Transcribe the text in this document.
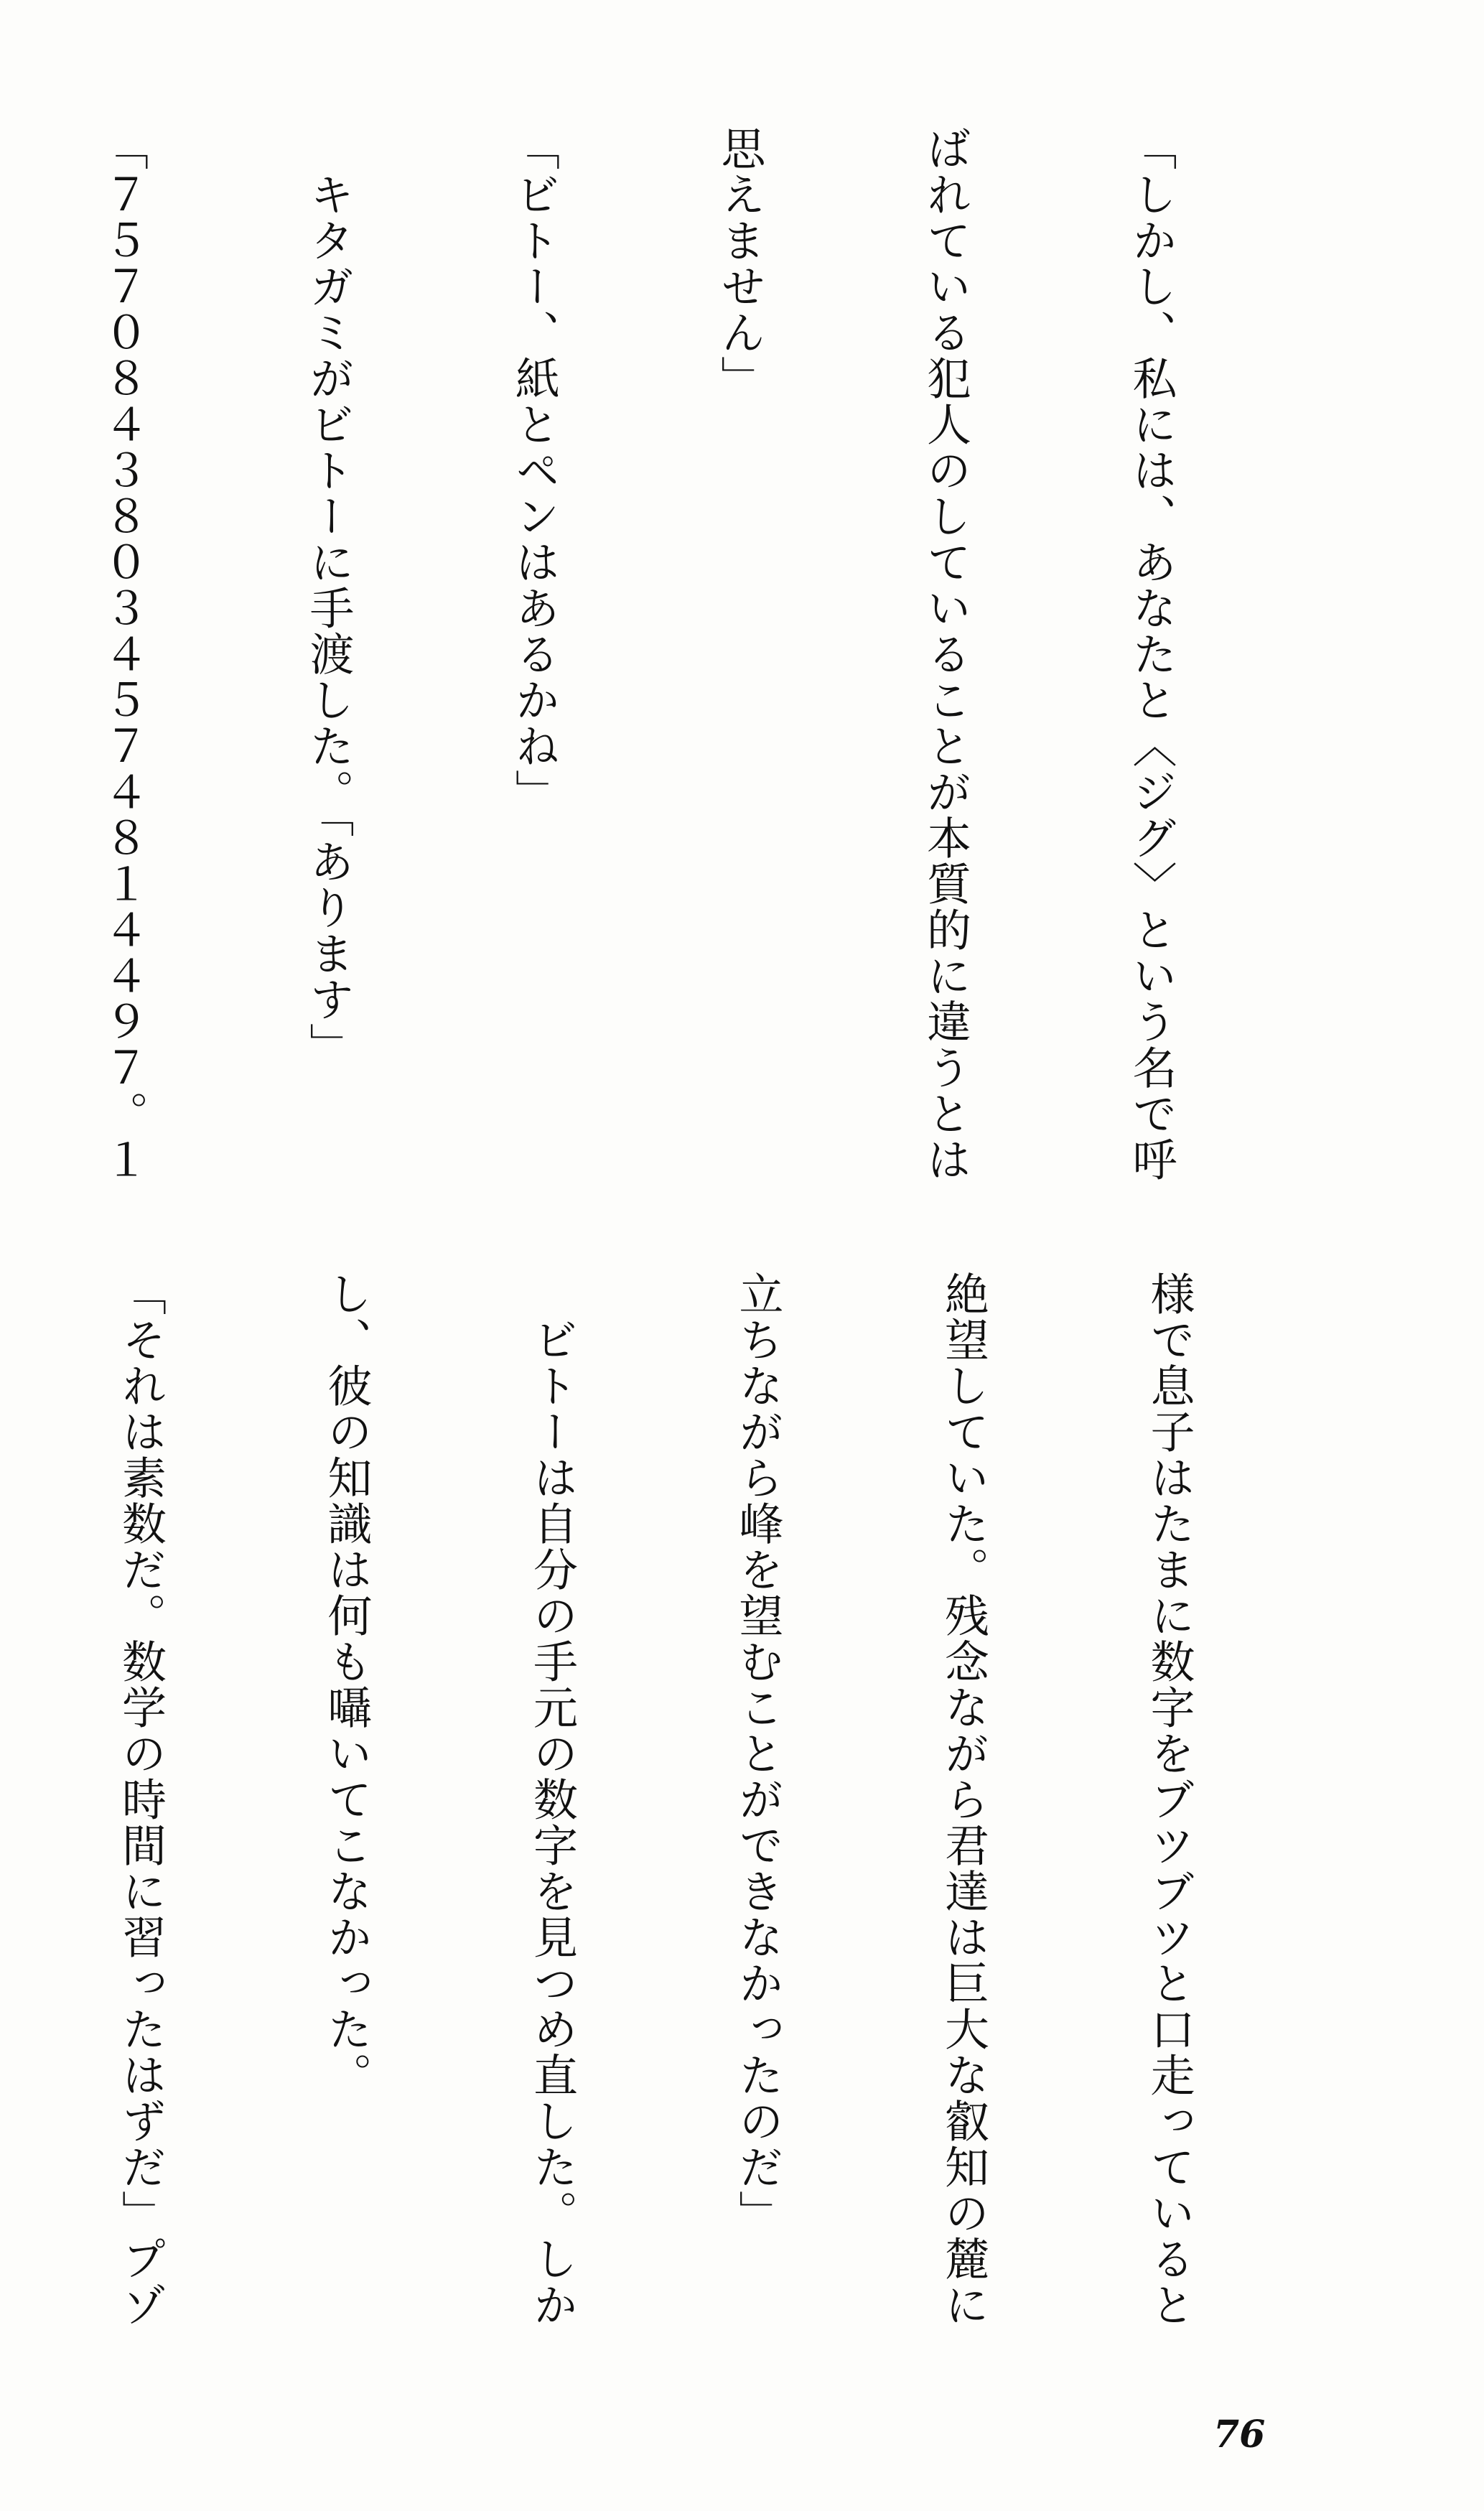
「しかし、私には、あなたと〈ジグ〉という名で呼

ばれている犯人のしていることが本質的に違うとは

思えません」

「ビトー、紙とペンはあるかね」

　キタガミがビトーに手渡した。「あります」

「７５７０８４３８０３４５７４８１４４９７。１

様で息子はたまに数字をブツブツと口走っていると

絶望していた。残念ながら君達は巨大な叡知の麓に

立ちながら峰を望むことができなかったのだ」

　ビトーは自分の手元の数字を見つめ直した。しか

し、彼の知識は何も囁いてこなかった。

「それは素数だ。数学の時間に習ったはずだ」プゾ

76
